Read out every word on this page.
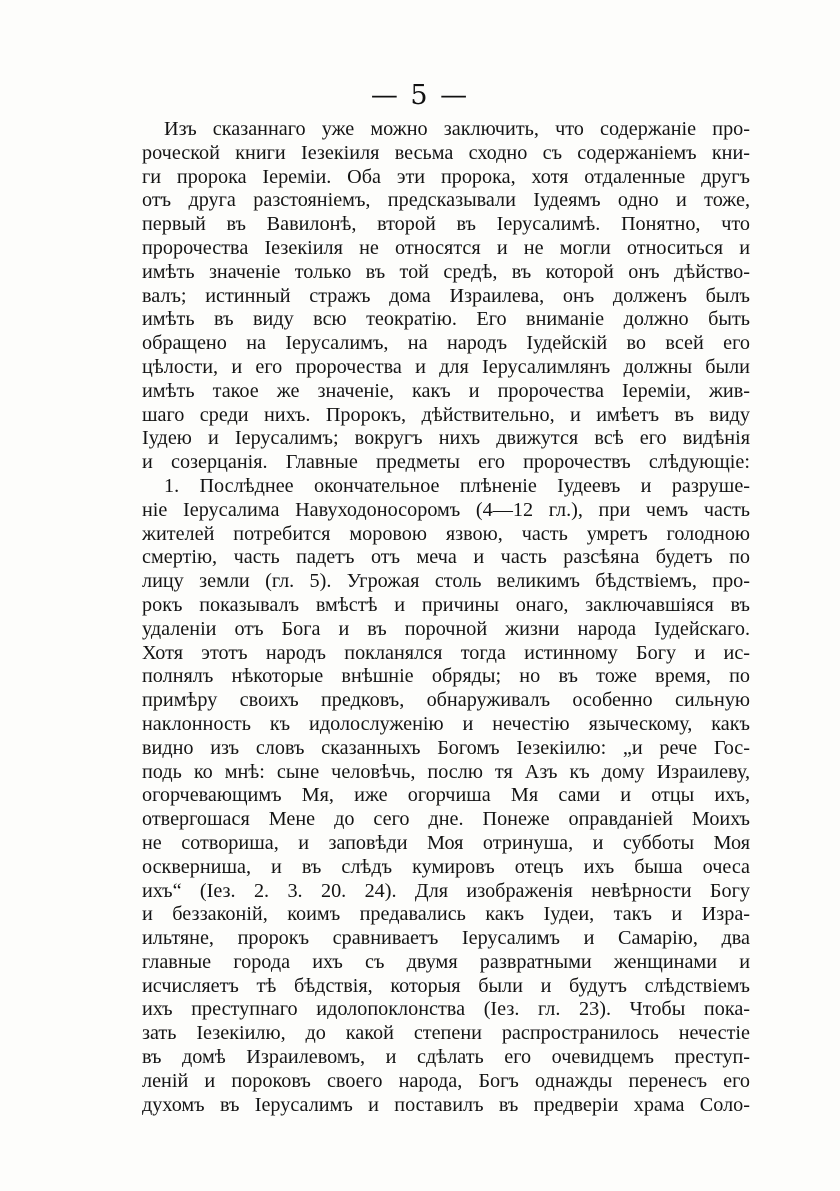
— 5 —
Изъ сказаннаго уже можно заключить, что содержаніе про-
роческой книги Іезекіиля весьма сходно съ содержаніемъ кни-
ги пророка Іереміи. Оба эти пророка, хотя отдаленные другъ
отъ друга разстояніемъ, предсказывали Іудеямъ одно и тоже,
первый въ Вавилонѣ, второй въ Іерусалимѣ. Понятно, что
пророчества Іезекіиля не относятся и не могли относиться и
имѣть значеніе только въ той средѣ, въ которой онъ дѣйство-
валъ; истинный стражъ дома Израилева, онъ долженъ былъ
имѣть въ виду всю теократію. Его вниманіе должно быть
обращено на Іерусалимъ, на народъ Іудейскій во всей его
цѣлости, и его пророчества и для Іерусалимлянъ должны были
имѣть такое же значеніе, какъ и пророчества Іереміи, жив-
шаго среди нихъ. Пророкъ, дѣйствительно, и имѣетъ въ виду
Іудею и Іерусалимъ; вокругъ нихъ движутся всѣ его видѣнія
и созерцанія. Главные предметы его пророчествъ слѣдующіе:
1. Послѣднее окончательное плѣненіе Іудеевъ и разруше-
ніе Іерусалима Навуходоносоромъ (4—12 гл.), при чемъ часть
жителей потребится моровою язвою, часть умретъ голодною
смертію, часть падетъ отъ меча и часть разсѣяна будетъ по
лицу земли (гл. 5). Угрожая столь великимъ бѣдствіемъ, про-
рокъ показывалъ вмѣстѣ и причины онаго, заключавшіяся въ
удаленіи отъ Бога и въ порочной жизни народа Іудейскаго.
Хотя этотъ народъ покланялся тогда истинному Богу и ис-
полнялъ нѣкоторые внѣшніе обряды; но въ тоже время, по
примѣру своихъ предковъ, обнаруживалъ особенно сильную
наклонность къ идолослуженію и нечестію языческому, какъ
видно изъ словъ сказанныхъ Богомъ Іезекіилю: „и рече Гос-
подь ко мнѣ: сыне человѣчь, послю тя Азъ къ дому Израилеву,
огорчевающимъ Мя, иже огорчиша Мя сами и отцы ихъ,
отвергошася Мене до сего дне. Понеже оправданiей Моихъ
не сотвориша, и заповѣди Моя отринуша, и субботы Моя
оскверниша, и въ слѣдъ кумировъ отецъ ихъ быша очеса
ихъ“ (Іез. 2. 3. 20. 24). Для изображенія невѣрности Богу
и беззаконій, коимъ предавались какъ Іудеи, такъ и Изра-
ильтяне, пророкъ сравниваетъ Іерусалимъ и Самарію, два
главные города ихъ съ двумя развратными женщинами и
исчисляетъ тѣ бѣдствія, которыя были и будутъ слѣдствіемъ
ихъ преступнаго идолопоклонства (Іез. гл. 23). Чтобы пока-
зать Іезекіилю, до какой степени распространилось нечестіе
въ домѣ Израилевомъ, и сдѣлать его очевидцемъ преступ-
леній и пороковъ своего народа, Богъ однажды перенесъ его
духомъ въ Іерусалимъ и поставилъ въ предверіи храма Соло-
